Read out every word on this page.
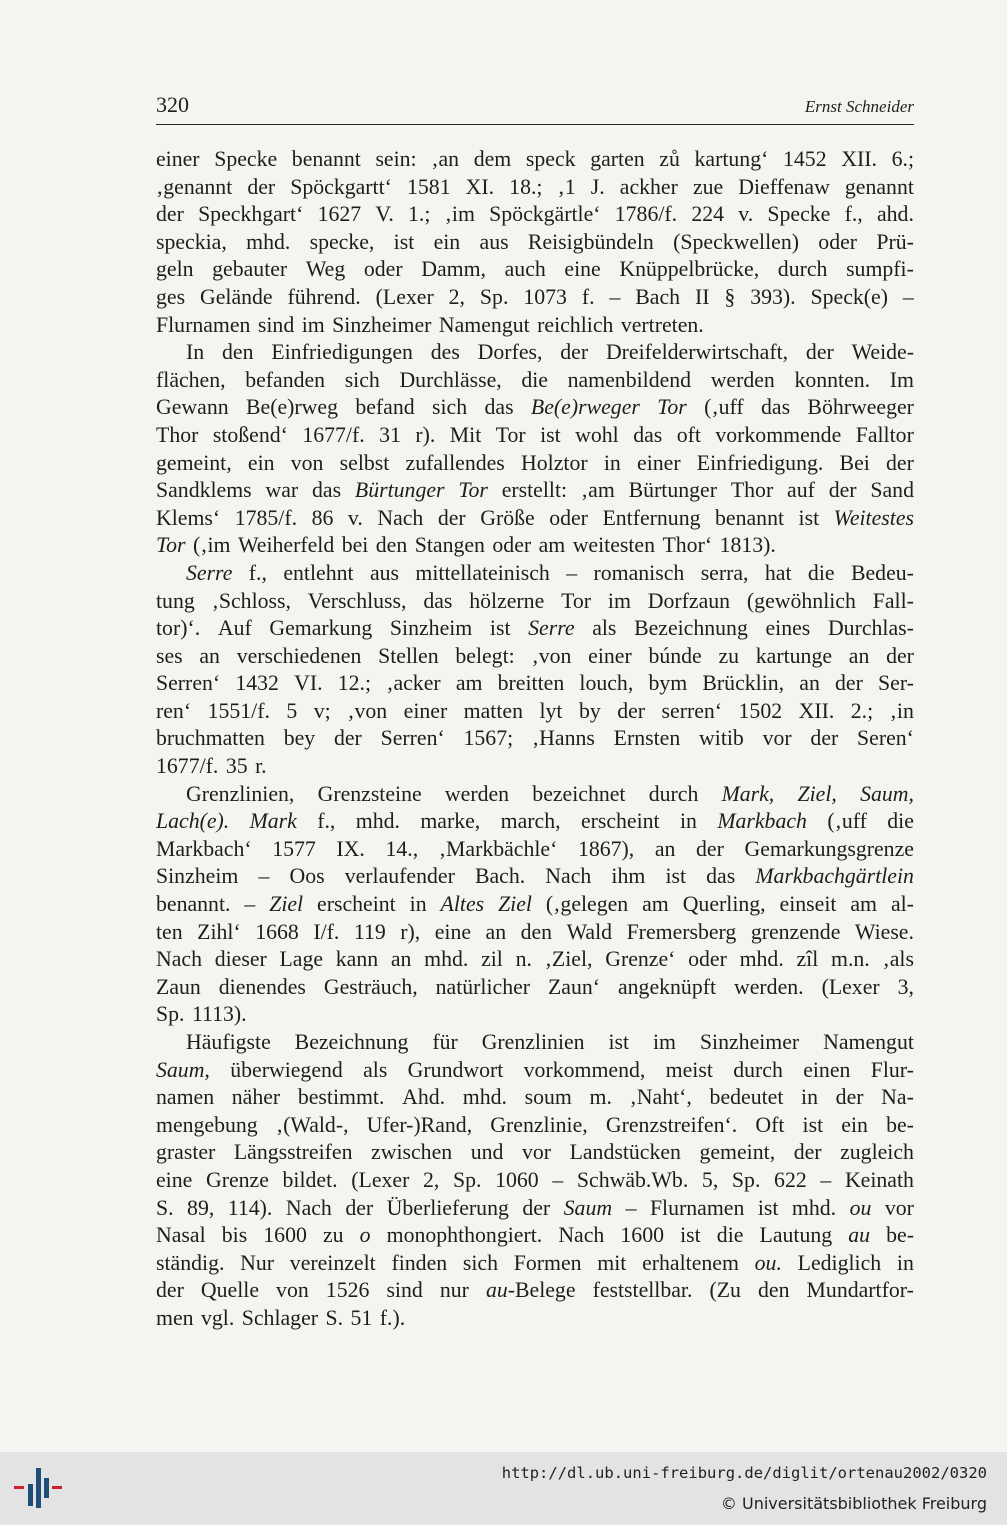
320	Ernst Schneider
einer Specke benannt sein: ‚an dem speck garten zů kartung‘ 1452 XII. 6.;
‚genannt der Spöckgartt‘ 1581 XI. 18.; ‚1 J. ackher zue Dieffenaw genannt
der Speckhgart‘ 1627 V. 1.; ‚im Spöckgärtle‘ 1786/f. 224 v. Specke f., ahd.
speckia, mhd. specke, ist ein aus Reisigbündeln (Speckwellen) oder Prü-
geln gebauter Weg oder Damm, auch eine Knüppelbrücke, durch sumpfi-
ges Gelände führend. (Lexer 2, Sp. 1073 f. – Bach II § 393). Speck(e) –
Flurnamen sind im Sinzheimer Namengut reichlich vertreten.
In den Einfriedigungen des Dorfes, der Dreifelderwirtschaft, der Weide-
flächen, befanden sich Durchlässe, die namenbildend werden konnten. Im
Gewann Be(e)rweg befand sich das Be(e)rweger Tor (‚uff das Böhrweeger
Thor stoßend‘ 1677/f. 31 r). Mit Tor ist wohl das oft vorkommende Falltor
gemeint, ein von selbst zufallendes Holztor in einer Einfriedigung. Bei der
Sandklems war das Bürtunger Tor erstellt: ‚am Bürtunger Thor auf der Sand
Klems‘ 1785/f. 86 v. Nach der Größe oder Entfernung benannt ist Weitestes
Tor (‚im Weiherfeld bei den Stangen oder am weitesten Thor‘ 1813).
Serre f., entlehnt aus mittellateinisch – romanisch serra, hat die Bedeu-
tung ‚Schloss, Verschluss, das hölzerne Tor im Dorfzaun (gewöhnlich Fall-
tor)‘. Auf Gemarkung Sinzheim ist Serre als Bezeichnung eines Durchlas-
ses an verschiedenen Stellen belegt: ‚von einer búnde zu kartunge an der
Serren‘ 1432 VI. 12.; ‚acker am breitten louch, bym Brücklin, an der Ser-
ren‘ 1551/f. 5 v; ‚von einer matten lyt by der serren‘ 1502 XII. 2.; ‚in
bruchmatten bey der Serren‘ 1567; ‚Hanns Ernsten witib vor der Seren‘
1677/f. 35 r.
Grenzlinien, Grenzsteine werden bezeichnet durch Mark, Ziel, Saum,
Lach(e). Mark f., mhd. marke, march, erscheint in Markbach (‚uff die
Markbach‘ 1577 IX. 14., ‚Markbächle‘ 1867), an der Gemarkungsgrenze
Sinzheim – Oos verlaufender Bach. Nach ihm ist das Markbachgärtlein
benannt. – Ziel erscheint in Altes Ziel (‚gelegen am Querling, einseit am al-
ten Zihl‘ 1668 I/f. 119 r), eine an den Wald Fremersberg grenzende Wiese.
Nach dieser Lage kann an mhd. zil n. ‚Ziel, Grenze‘ oder mhd. zîl m.n. ‚als
Zaun dienendes Gesträuch, natürlicher Zaun‘ angeknüpft werden. (Lexer 3,
Sp. 1113).
Häufigste Bezeichnung für Grenzlinien ist im Sinzheimer Namengut
Saum, überwiegend als Grundwort vorkommend, meist durch einen Flur-
namen näher bestimmt. Ahd. mhd. soum m. ‚Naht‘, bedeutet in der Na-
mengebung ‚(Wald-, Ufer-)Rand, Grenzlinie, Grenzstreifen‘. Oft ist ein be-
graster Längsstreifen zwischen und vor Landstücken gemeint, der zugleich
eine Grenze bildet. (Lexer 2, Sp. 1060 – Schwäb.Wb. 5, Sp. 622 – Keinath
S. 89, 114). Nach der Überlieferung der Saum – Flurnamen ist mhd. ou vor
Nasal bis 1600 zu o monophthongiert. Nach 1600 ist die Lautung au be-
ständig. Nur vereinzelt finden sich Formen mit erhaltenem ou. Lediglich in
der Quelle von 1526 sind nur au-Belege feststellbar. (Zu den Mundartfor-
men vgl. Schlager S. 51 f.).
http://dl.ub.uni-freiburg.de/diglit/ortenau2002/0320
© Universitätsbibliothek Freiburg
